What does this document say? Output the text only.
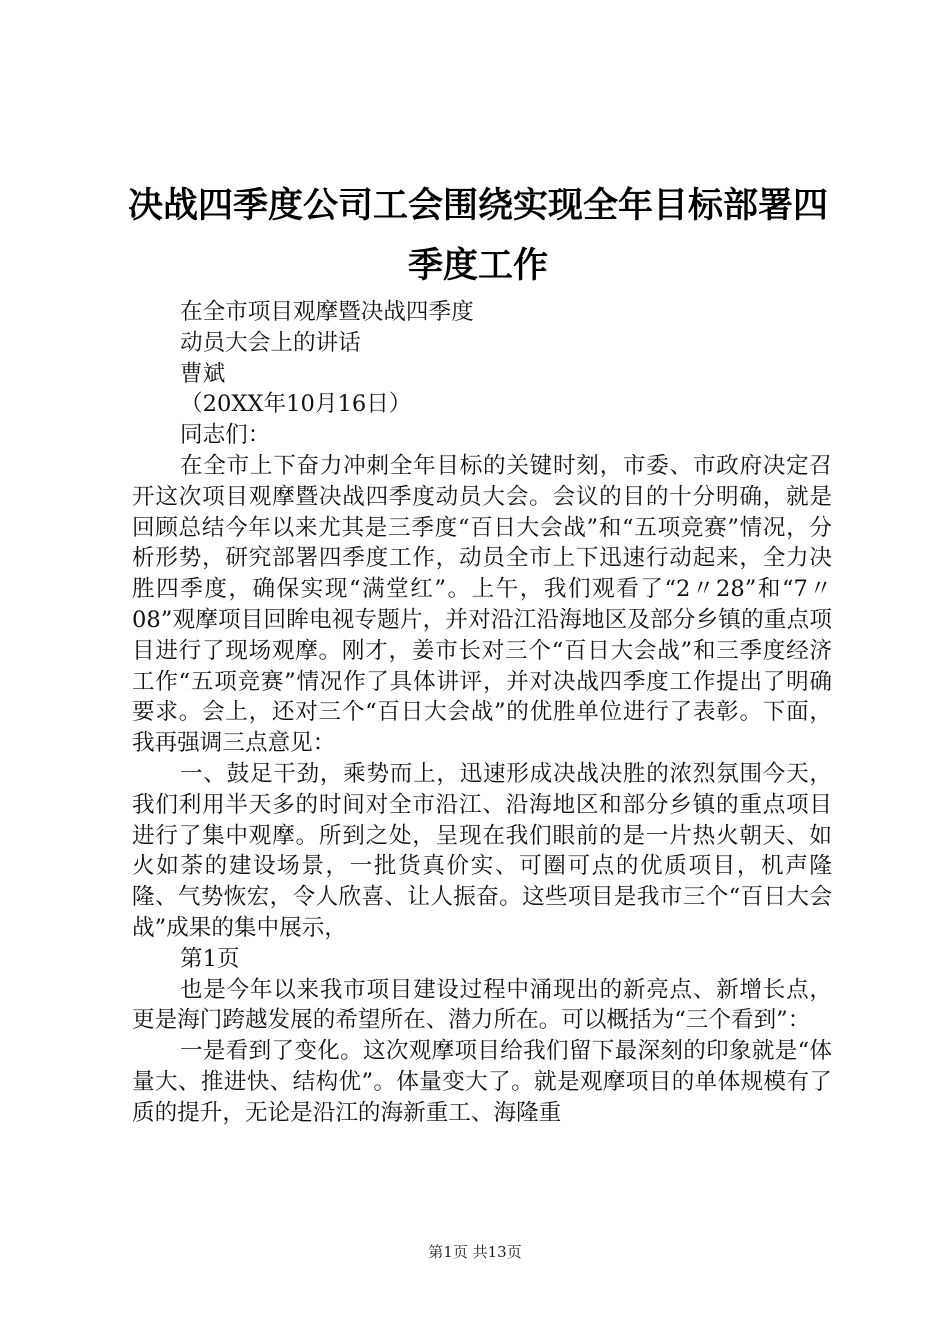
决战四季度公司工会围绕实现全年目标部署四季度工作

在全市项目观摩暨决战四季度

动员大会上的讲话

曹斌

（20XX年10月16日）

同志们：

在全市上下奋力冲刺全年目标的关键时刻，市委、市政府决定召开这次项目观摩暨决战四季度动员大会。会议的目的十分明确，就是回顾总结今年以来尤其是三季度“百日大会战”和“五项竞赛”情况，分析形势，研究部署四季度工作，动员全市上下迅速行动起来，全力决胜四季度，确保实现“满堂红”。上午，我们观看了“2〃28”和“7〃08”观摩项目回眸电视专题片，并对沿江沿海地区及部分乡镇的重点项目进行了现场观摩。刚才，姜市长对三个“百日大会战”和三季度经济工作“五项竞赛”情况作了具体讲评，并对决战四季度工作提出了明确要求。会上，还对三个“百日大会战”的优胜单位进行了表彰。下面，我再强调三点意见：

一、鼓足干劲，乘势而上，迅速形成决战决胜的浓烈氛围今天，我们利用半天多的时间对全市沿江、沿海地区和部分乡镇的重点项目进行了集中观摩。所到之处，呈现在我们眼前的是一片热火朝天、如火如荼的建设场景，一批货真价实、可圈可点的优质项目，机声隆隆、气势恢宏，令人欣喜、让人振奋。这些项目是我市三个“百日大会战”成果的集中展示，

第1页

也是今年以来我市项目建设过程中涌现出的新亮点、新增长点，更是海门跨越发展的希望所在、潜力所在。可以概括为“三个看到”：

一是看到了变化。这次观摩项目给我们留下最深刻的印象就是“体量大、推进快、结构优”。体量变大了。就是观摩项目的单体规模有了质的提升，无论是沿江的海新重工、海隆重

第1页 共13页
